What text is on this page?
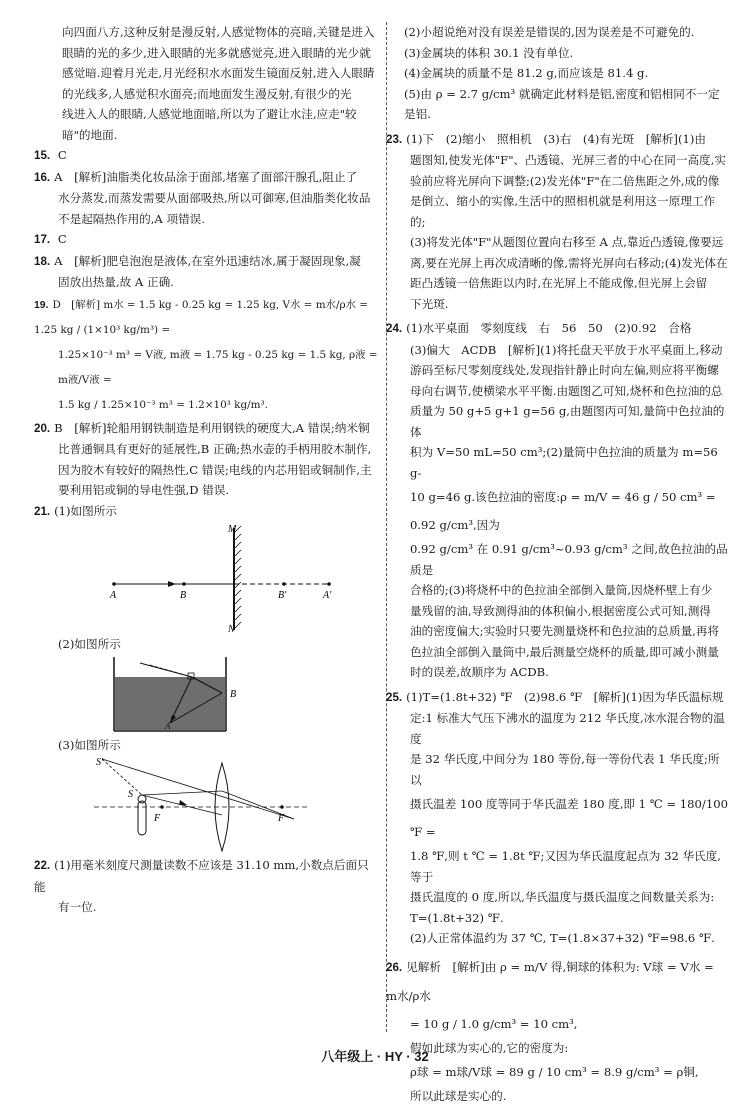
向四面八方,这种反射是漫反射,人感觉物体的亮暗,关键是进入

眼睛的光的多少,进入眼睛的光多就感觉亮,进入眼睛的光少就

感觉暗.迎着月光走,月光经积水水面发生镜面反射,进入人眼睛

的光线多,人感觉积水面亮;而地面发生漫反射,有很少的光

线进入人的眼睛,人感觉地面暗,所以为了避让水洼,应走"较

暗"的地面.

15. C

16. A　[解析]油脂类化妆品涂于面部,堵塞了面部汗腺孔,阻止了

水分蒸发,而蒸发需要从面部吸热,所以可御寒,但油脂类化妆品

不是起隔热作用的,A 项错误.

17. C

18. A　[解析]肥皂泡泡是液体,在室外迅速结冰,属于凝固现象,凝

固放出热量,故 A 正确.

19. D　[解析] m水 = 1.5 kg - 0.25 kg = 1.25 kg, V水 = m水/ρ水 = 1.25 kg / (1×10³ kg/m³) =

1.25×10⁻³ m³ = V液, m液 = 1.75 kg - 0.25 kg = 1.5 kg, ρ液 = m液/V液 =

1.5 kg / 1.25×10⁻³ m³ = 1.2×10³ kg/m³.

20. B　[解析]轮船用钢铁制造是利用钢铁的硬度大,A 错误;纳米铜

比普通铜具有更好的延展性,B 正确;热水壶的手柄用胶木制作,

因为胶木有较好的隔热性,C 错误;电线的内芯用铝或铜制作,主

要利用铝或铜的导电性强,D 错误.

21. (1)如图所示

M
N
A	B	B′	A′

(2)如图所示

B
A

(3)如图所示

S′
S
F	F

22. (1)用毫米刻度尺测量读数不应该是 31.10 mm,小数点后面只能

有一位.

(2)小超说绝对没有误差是错误的,因为误差是不可避免的.

(3)金属块的体积 30.1 没有单位.

(4)金属块的质量不是 81.2 g,而应该是 81.4 g.

(5)由 ρ = 2.7 g/cm³ 就确定此材料是铝,密度和铝相同不一定

是铝.

23. (1)下　(2)缩小　照相机　(3)右　(4)有光斑　[解析](1)由

题图知,使发光体"F"、凸透镜、光屏三者的中心在同一高度,实

验前应将光屏向下调整;(2)发光体"F"在二倍焦距之外,成的像

是倒立、缩小的实像,生活中的照相机就是利用这一原理工作的;

(3)将发光体"F"从题图位置向右移至 A 点,靠近凸透镜,像要远

离,要在光屏上再次成清晰的像,需将光屏向右移动;(4)发光体在

距凸透镜一倍焦距以内时,在光屏上不能成像,但光屏上会留

下光斑.

24. (1)水平桌面　零刻度线　右　56　50　(2)0.92　合格

(3)偏大　ACDB　[解析](1)将托盘天平放于水平桌面上,移动

游码至标尺零刻度线处,发现指针静止时向左偏,则应将平衡螺

母向右调节,使横梁水平平衡.由题图乙可知,烧杯和色拉油的总

质量为 50 g+5 g+1 g=56 g,由题图丙可知,量筒中色拉油的体

积为 V=50 mL=50 cm³;(2)量筒中色拉油的质量为 m=56 g-

10 g=46 g.该色拉油的密度:ρ = m/V = 46 g / 50 cm³ = 0.92 g/cm³,因为

0.92 g/cm³ 在 0.91 g/cm³~0.93 g/cm³ 之间,故色拉油的品质是

合格的;(3)将烧杯中的色拉油全部倒入量筒,因烧杯壁上有少

量残留的油,导致测得油的体积偏小,根据密度公式可知,测得

油的密度偏大;实验时只要先测量烧杯和色拉油的总质量,再将

色拉油全部倒入量筒中,最后测量空烧杯的质量,即可减小测量

时的误差,故顺序为 ACDB.

25. (1)T=(1.8t+32) ℉　(2)98.6 ℉　[解析](1)因为华氏温标规

定:1 标准大气压下沸水的温度为 212 华氏度,冰水混合物的温度

是 32 华氏度,中间分为 180 等份,每一等份代表 1 华氏度;所以

摄氏温差 100 度等同于华氏温差 180 度,即 1 ℃ = 180/100 ℉ =

1.8 ℉,则 t ℃ = 1.8t ℉;又因为华氏温度起点为 32 华氏度,等于

摄氏温度的 0 度,所以,华氏温度与摄氏温度之间数量关系为:

T=(1.8t+32) ℉.

(2)人正常体温约为 37 ℃, T=(1.8×37+32) ℉=98.6 ℉.

26. 见解析　[解析]由 ρ = m/V 得,铜球的体积为: V球 = V水 = m水/ρ水

= 10 g / 1.0 g/cm³ = 10 cm³,

假如此球为实心的,它的密度为:

ρ球 = m球/V球 = 89 g / 10 cm³ = 8.9 g/cm³ = ρ铜,

所以此球是实心的.

八年级上 · HY · 32
